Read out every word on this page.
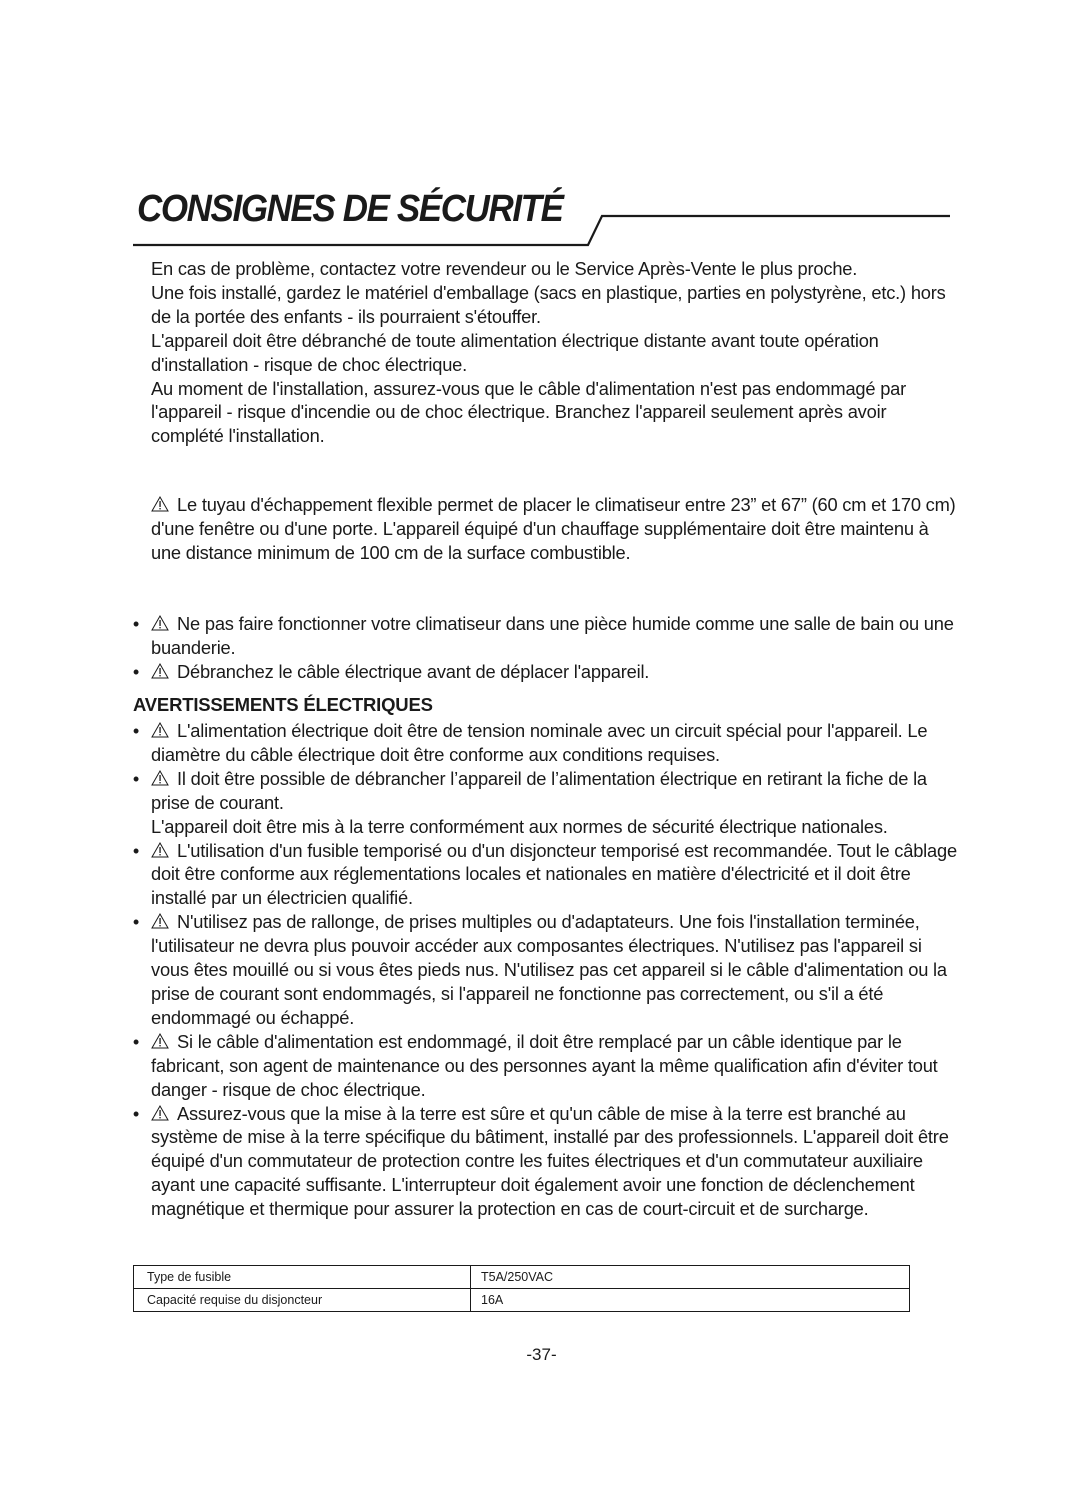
CONSIGNES DE SÉCURITÉ

En cas de problème, contactez votre revendeur ou le Service Après-Vente le plus proche.

Une fois installé, gardez le matériel d'emballage (sacs en plastique, parties en polystyrène, etc.) hors de la portée des enfants - ils pourraient s'étouffer.

L'appareil doit être débranché de toute alimentation électrique distante avant toute opération d'installation - risque de choc électrique.

Au moment de l'installation, assurez-vous que le câble d'alimentation n'est pas endommagé par l'appareil - risque d'incendie ou de choc électrique. Branchez l'appareil seulement après avoir complété l'installation.

Le tuyau d'échappement flexible permet de placer le climatiseur entre 23” et 67” (60 cm et 170 cm) d'une fenêtre ou d'une porte. L'appareil équipé d'un chauffage supplémentaire doit être maintenu à une distance minimum de 100 cm de la surface combustible.

•	Ne pas faire fonctionner votre climatiseur dans une pièce humide comme une salle de bain ou une buanderie.

•	Débranchez le câble électrique avant de déplacer l'appareil.

AVERTISSEMENTS ÉLECTRIQUES
•	L'alimentation électrique doit être de tension nominale avec un circuit spécial pour l'appareil. Le diamètre du câble électrique doit être conforme aux conditions requises.

•	Il doit être possible de débrancher l’appareil de l’alimentation électrique en retirant la fiche de la prise de courant.

L'appareil doit être mis à la terre conformément aux normes de sécurité électrique nationales.

•	L'utilisation d'un fusible temporisé ou d'un disjoncteur temporisé est recommandée. Tout le câblage doit être conforme aux réglementations locales et nationales en matière d'électricité et il doit être installé par un électricien qualifié.

•	N'utilisez pas de rallonge, de prises multiples ou d'adaptateurs. Une fois l'installation terminée, l'utilisateur ne devra plus pouvoir accéder aux composantes électriques. N'utilisez pas l'appareil si vous êtes mouillé ou si vous êtes pieds nus. N'utilisez pas cet appareil si le câble d'alimentation ou la prise de courant sont endommagés, si l'appareil ne fonctionne pas correctement, ou s'il a été endommagé ou échappé.

•	Si le câble d'alimentation est endommagé, il doit être remplacé par un câble identique par le fabricant, son agent de maintenance ou des personnes ayant la même qualification afin d'éviter tout danger - risque de choc électrique.

•	Assurez-vous que la mise à la terre est sûre et qu'un câble de mise à la terre est branché au système de mise à la terre spécifique du bâtiment, installé par des professionnels. L'appareil doit être équipé d'un commutateur de protection contre les fuites électriques et d'un commutateur auxiliaire ayant une capacité suffisante. L'interrupteur doit également avoir une fonction de déclenchement magnétique et thermique pour assurer la protection en cas de court-circuit et de surcharge.

Type de fusible	T5A/250VAC
Capacité requise du disjoncteur	16A
-37-
